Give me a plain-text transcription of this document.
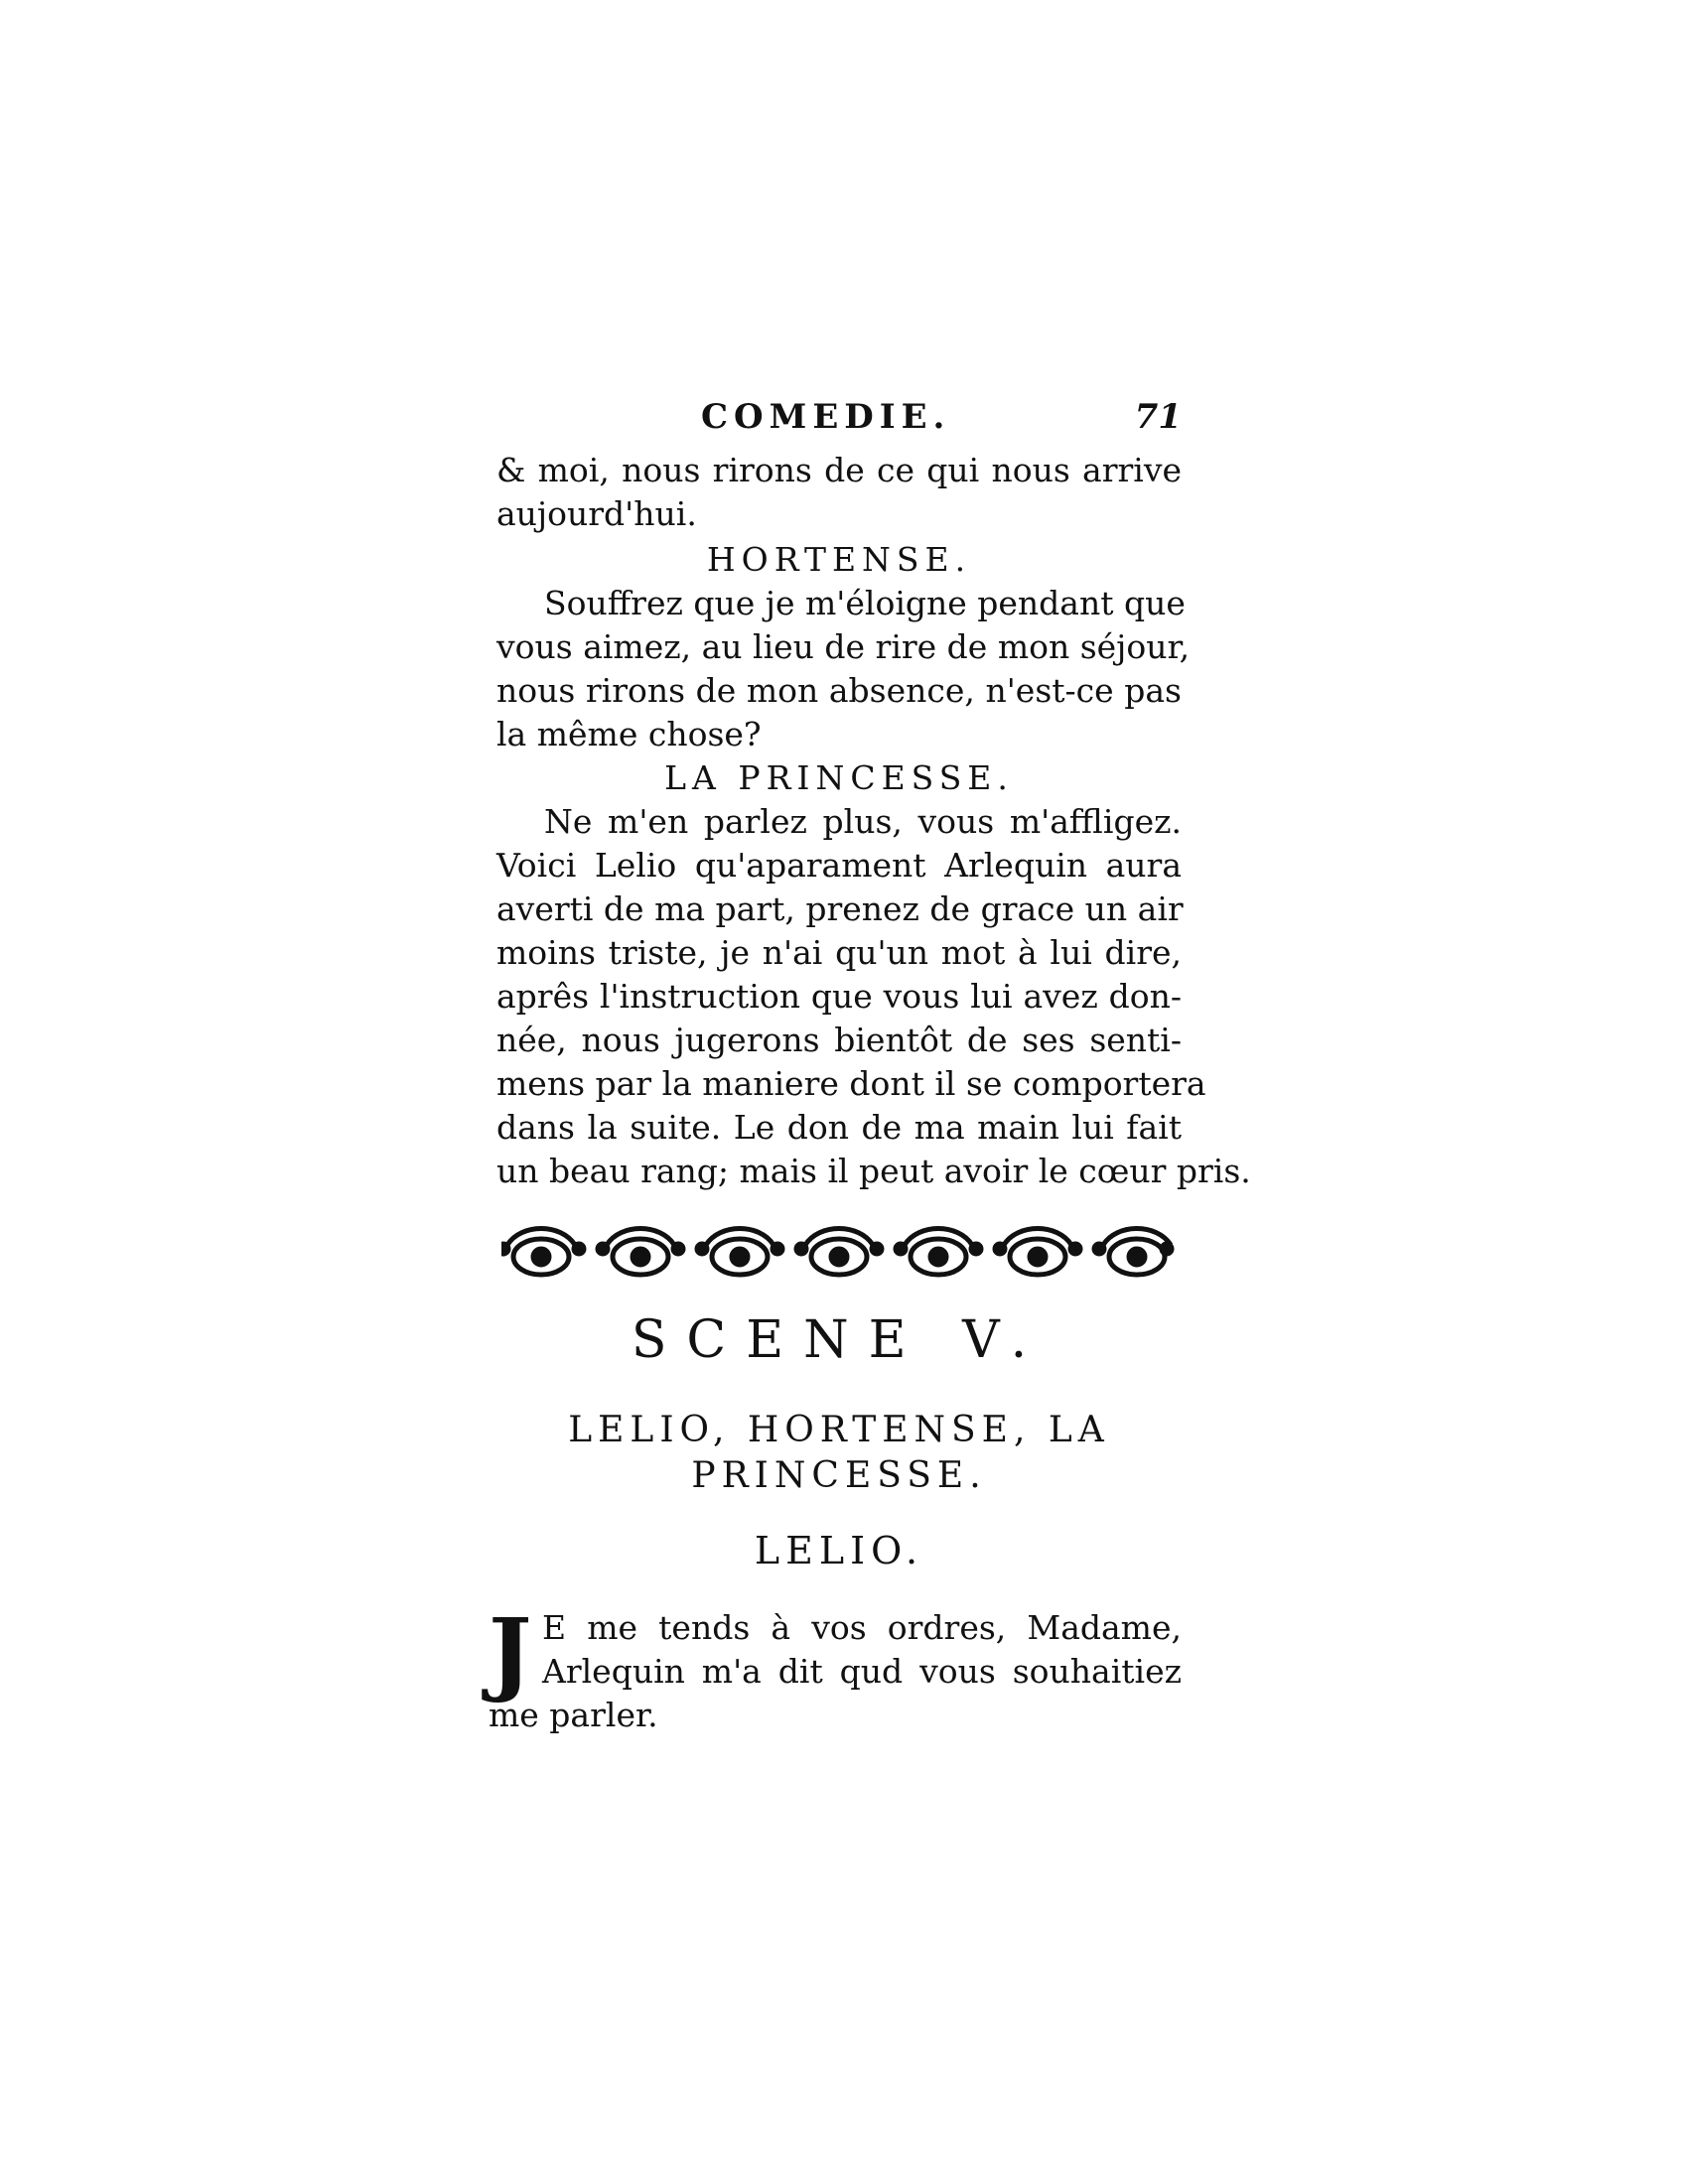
COMEDIE.	71
& moi, nous rirons de ce qui nous arrive
aujourd'hui.
HORTENSE.
Souffrez que je m'éloigne pendant que
vous aimez, au lieu de rire de mon séjour,
nous rirons de mon absence, n'est-ce pas
la même chose?
LA PRINCESSE.
Ne m'en parlez plus, vous m'affligez.
Voici Lelio qu'aparament Arlequin aura
averti de ma part, prenez de grace un air
moins triste, je n'ai qu'un mot à lui dire,
aprês l'instruction que vous lui avez don-
née, nous jugerons bientôt de ses senti-
mens par la maniere dont il se comportera
dans la suite. Le don de ma main lui fait
un beau rang; mais il peut avoir le cœur pris.
SCENE V.
LELIO, HORTENSE, LA
PRINCESSE.
LELIO.
J E me tends à vos ordres, Madame,
Arlequin m'a dit qud vous souhaitiez
me parler.
